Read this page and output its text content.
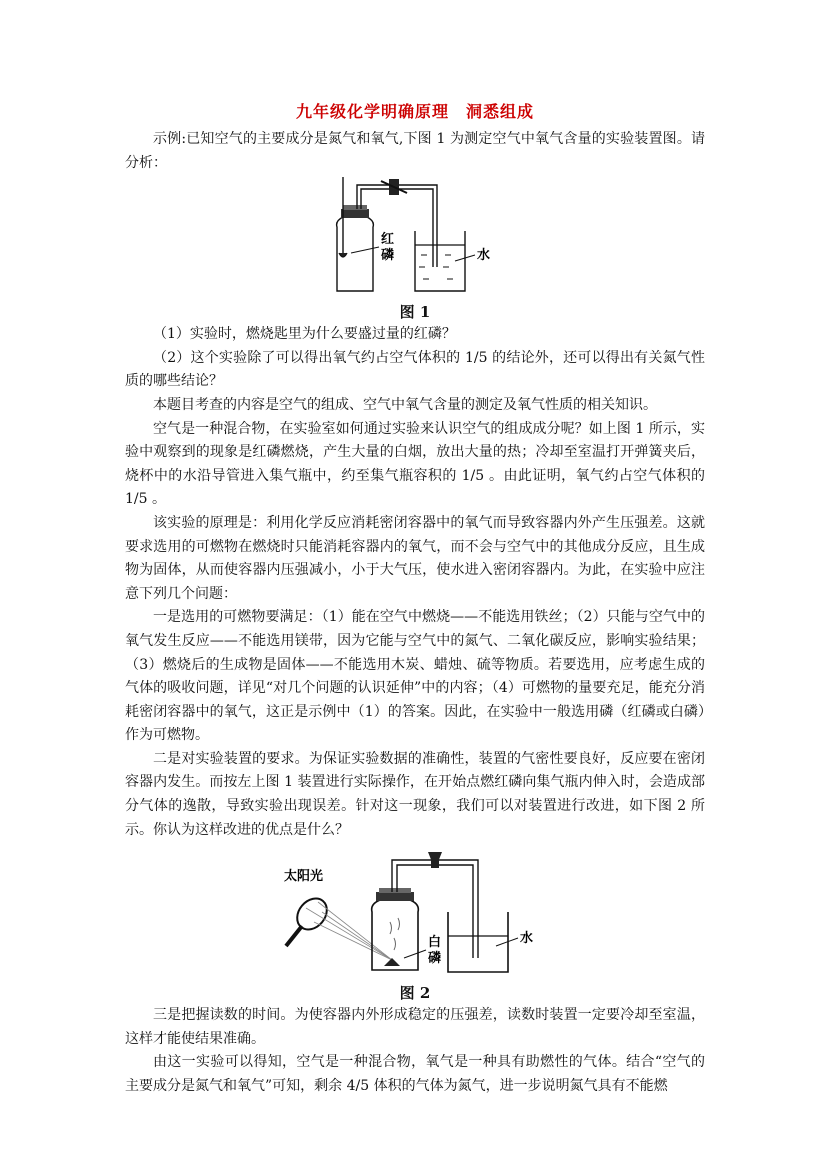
九年级化学明确原理　洞悉组成

示例:已知空气的主要成分是氮气和氧气,下图 1 为测定空气中氧气含量的实验装置图。请分析：

红
磷	水
图 1

（1）实验时，燃烧匙里为什么要盛过量的红磷？

（2）这个实验除了可以得出氧气约占空气体积的 1/5 的结论外，还可以得出有关氮气性质的哪些结论？

本题目考查的内容是空气的组成、空气中氧气含量的测定及氧气性质的相关知识。

空气是一种混合物，在实验室如何通过实验来认识空气的组成成分呢？如上图 1 所示，实验中观察到的现象是红磷燃烧，产生大量的白烟，放出大量的热；冷却至室温打开弹簧夹后，烧杯中的水沿导管进入集气瓶中，约至集气瓶容积的 1/5 。由此证明，氧气约占空气体积的 1/5 。

该实验的原理是：利用化学反应消耗密闭容器中的氧气而导致容器内外产生压强差。这就要求选用的可燃物在燃烧时只能消耗容器内的氧气，而不会与空气中的其他成分反应，且生成物为固体，从而使容器内压强减小，小于大气压，使水进入密闭容器内。为此，在实验中应注意下列几个问题：

一是选用的可燃物要满足：（1）能在空气中燃烧——不能选用铁丝；（2）只能与空气中的氧气发生反应——不能选用镁带，因为它能与空气中的氮气、二氧化碳反应，影响实验结果；（3）燃烧后的生成物是固体——不能选用木炭、蜡烛、硫等物质。若要选用，应考虑生成的气体的吸收问题，详见“对几个问题的认识延伸”中的内容；（4）可燃物的量要充足，能充分消耗密闭容器中的氧气，这正是示例中（1）的答案。因此，在实验中一般选用磷（红磷或白磷）作为可燃物。

二是对实验装置的要求。为保证实验数据的准确性，装置的气密性要良好，反应要在密闭容器内发生。而按左上图 1 装置进行实际操作，在开始点燃红磷向集气瓶内伸入时，会造成部分气体的逸散，导致实验出现误差。针对这一现象，我们可以对装置进行改进，如下图 2 所示。你认为这样改进的优点是什么？

太阳光
白
磷
水
图 2

三是把握读数的时间。为使容器内外形成稳定的压强差，读数时装置一定要冷却至室温，这样才能使结果准确。

由这一实验可以得知，空气是一种混合物，氧气是一种具有助燃性的气体。结合“空气的主要成分是氮气和氧气”可知，剩余 4/5 体积的气体为氮气，进一步说明氮气具有不能燃
